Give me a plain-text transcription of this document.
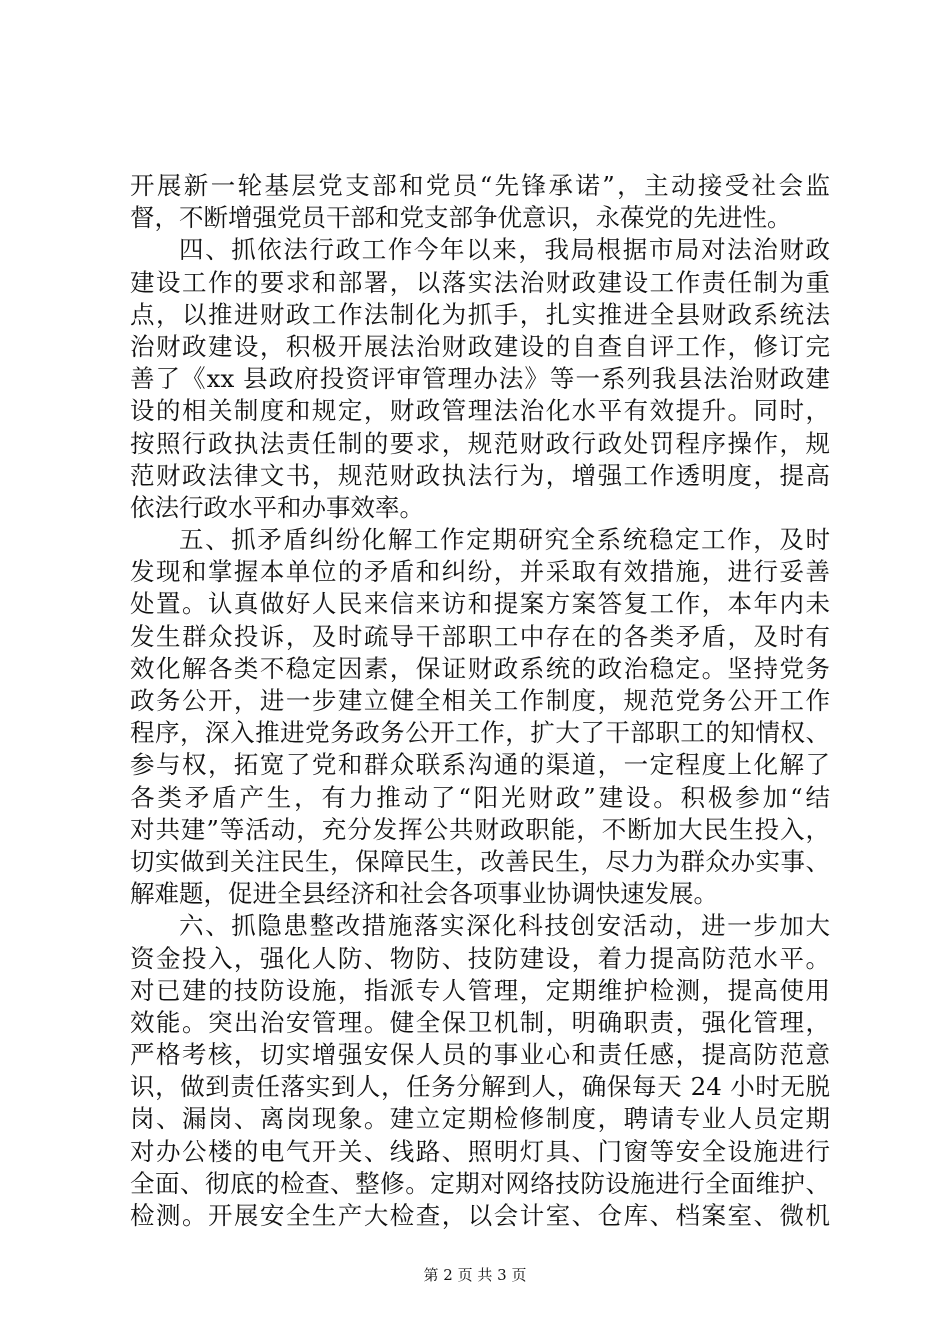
开展新一轮基层党支部和党员“先锋承诺”，主动接受社会监
督，不断增强党员干部和党支部争优意识，永葆党的先进性。
四、抓依法行政工作今年以来，我局根据市局对法治财政
建设工作的要求和部署，以落实法治财政建设工作责任制为重
点，以推进财政工作法制化为抓手，扎实推进全县财政系统法
治财政建设，积极开展法治财政建设的自查自评工作，修订完
善了《xx 县政府投资评审管理办法》等一系列我县法治财政建
设的相关制度和规定，财政管理法治化水平有效提升。同时，
按照行政执法责任制的要求，规范财政行政处罚程序操作，规
范财政法律文书，规范财政执法行为，增强工作透明度，提高
依法行政水平和办事效率。
五、抓矛盾纠纷化解工作定期研究全系统稳定工作，及时
发现和掌握本单位的矛盾和纠纷，并采取有效措施，进行妥善
处置。认真做好人民来信来访和提案方案答复工作，本年内未
发生群众投诉，及时疏导干部职工中存在的各类矛盾，及时有
效化解各类不稳定因素，保证财政系统的政治稳定。坚持党务
政务公开，进一步建立健全相关工作制度，规范党务公开工作
程序，深入推进党务政务公开工作，扩大了干部职工的知情权、
参与权，拓宽了党和群众联系沟通的渠道，一定程度上化解了
各类矛盾产生，有力推动了“阳光财政”建设。积极参加“结
对共建”等活动，充分发挥公共财政职能，不断加大民生投入，
切实做到关注民生，保障民生，改善民生，尽力为群众办实事、
解难题，促进全县经济和社会各项事业协调快速发展。
六、抓隐患整改措施落实深化科技创安活动，进一步加大
资金投入，强化人防、物防、技防建设，着力提高防范水平。
对已建的技防设施，指派专人管理，定期维护检测，提高使用
效能。突出治安管理。健全保卫机制，明确职责，强化管理，
严格考核，切实增强安保人员的事业心和责任感，提高防范意
识，做到责任落实到人，任务分解到人，确保每天 24 小时无脱
岗、漏岗、离岗现象。建立定期检修制度，聘请专业人员定期
对办公楼的电气开关、线路、照明灯具、门窗等安全设施进行
全面、彻底的检查、整修。定期对网络技防设施进行全面维护、
检测。开展安全生产大检查，以会计室、仓库、档案室、微机
第 2 页 共 3 页
